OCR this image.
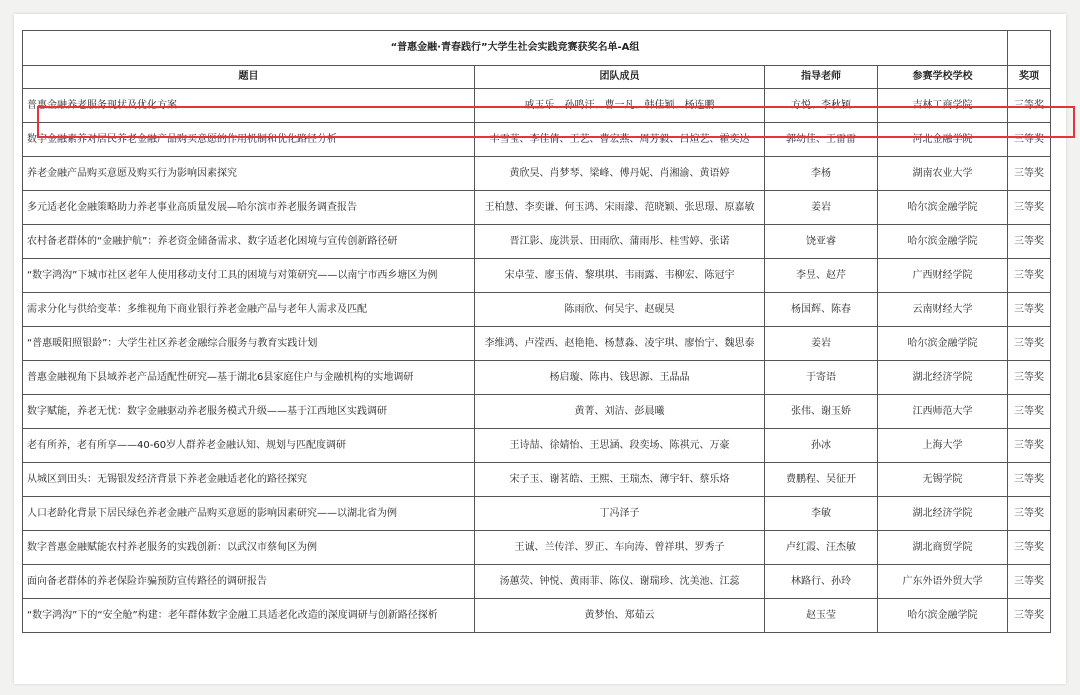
“普惠金融·青春践行”大学生社会实践竞赛获奖名单-A组				
题目	团队成员	指导老师	参赛学校学校	奖项
普惠金融养老服务现状及优化方案	戚玉乐、孙鸣汗、曹一凡、韩佳颖、杨连鹏	方悦、李秋颖	吉林工商学院	三等奖
数字金融素养对居民养老金融产品购买意愿的作用机制和优化路径分析	丰雪莹、李佳倩、王艺、曹宏燕、周芳毅、吕煊艺、霍奕达	郭幼佳、王雷雷	河北金融学院	三等奖
养老金融产品购买意愿及购买行为影响因素探究	黄欣昊、肖梦琴、梁峰、傅丹妮、肖湘渝、黄语婷	李杨	湖南农业大学	三等奖
多元适老化金融策略助力养老事业高质量发展—哈尔滨市养老服务调查报告	王柏慧、李奕谦、何玉鸿、宋雨濛、范晓颖、张思璟、原嘉敏	姜岩	哈尔滨金融学院	三等奖
农村备老群体的“金融护航”：养老资金储备需求、数字适老化困境与宣传创新路径研	晋江影、庞洪景、田雨欣、蒲雨彤、桂雪婷、张诺	饶亚睿	哈尔滨金融学院	三等奖
“数字鸿沟”下城市社区老年人使用移动支付工具的困境与对策研究——以南宁市西乡塘区为例	宋卓莹、廖玉倩、黎琪琪、韦雨露、韦柳宏、陈冠宇	李昱、赵芹	广西财经学院	三等奖
需求分化与供给变革：多维视角下商业银行养老金融产品与老年人需求及匹配	陈雨欣、何吴宇、赵砚昊	杨国辉、陈春	云南财经大学	三等奖
“普惠暖阳照银龄”：大学生社区养老金融综合服务与教育实践计划	李维鸿、卢滢西、赵艳艳、杨慧淼、凌宇琪、廖怡宁、魏思泰	姜岩	哈尔滨金融学院	三等奖
普惠金融视角下县域养老产品适配性研究—基于湖北6县家庭住户与金融机构的实地调研	杨启璇、陈冉、钱思源、王晶晶	于寄语	湖北经济学院	三等奖
数字赋能，养老无忧：数字金融驱动养老服务模式升级——基于江西地区实践调研	黄菁、刘洁、彭晨曦	张伟、谢玉娇	江西师范大学	三等奖
老有所养，老有所享——40-60岁人群养老金融认知、规划与匹配度调研	王诗喆、徐婧怡、王思涵、段奕场、陈祺元、万豪	孙冰	上海大学	三等奖
从城区到田头：无锡银发经济背景下养老金融适老化的路径探究	宋子玉、谢茗皓、王熙、王瑞杰、薄宇轩、蔡乐烙	费鹏程、吴征开	无锡学院	三等奖
人口老龄化背景下居民绿色养老金融产品购买意愿的影响因素研究——以湖北省为例	丁冯泽子	李敏	湖北经济学院	三等奖
数字普惠金融赋能农村养老服务的实践创新：以武汉市蔡甸区为例	王诚、兰传洋、罗正、车向涛、曾祥琪、罗秀子	卢红霞、汪杰敏	湖北商贸学院	三等奖
面向备老群体的养老保险诈骗预防宣传路径的调研报告	汤蕙荧、钟悦、黄雨菲、陈仪、谢瑞珍、沈美池、江蕊	林路行、孙玲	广东外语外贸大学	三等奖
“数字鸿沟”下的“安全舱”构建：老年群体数字金融工具适老化改造的深度调研与创新路径探析	黄梦怡、郑茹云	赵玉莹	哈尔滨金融学院	三等奖
